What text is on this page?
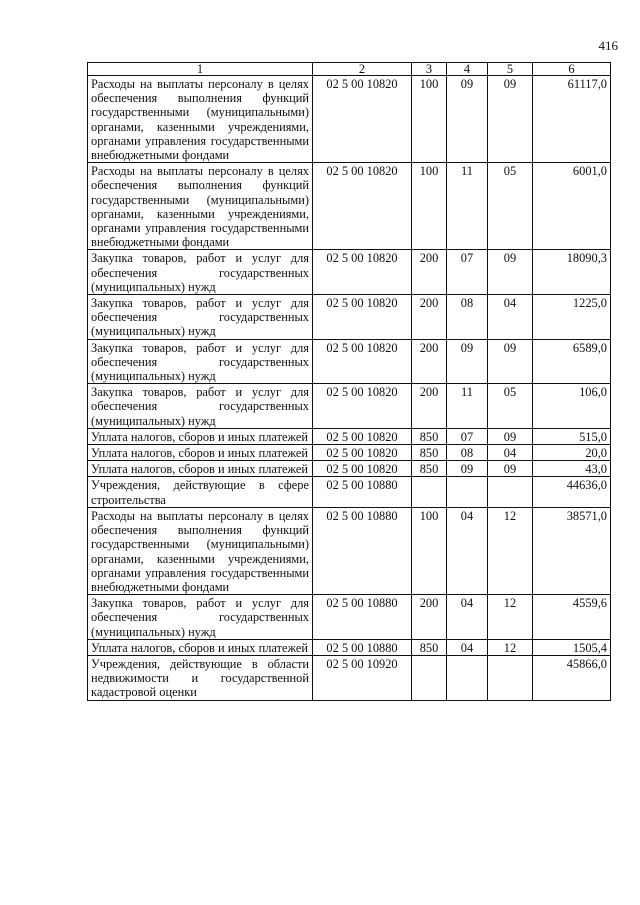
416
1	2	3	4	5	6
Расходы на выплаты персоналу в целях обеспечения выполнения функций государственными (муниципальными) органами, казенными учреждениями, органами управления государственными внебюджетными фондами	02 5 00 10820	100	09	09	61117,0
Расходы на выплаты персоналу в целях обеспечения выполнения функций государственными (муниципальными) органами, казенными учреждениями, органами управления государственными внебюджетными фондами	02 5 00 10820	100	11	05	6001,0
Закупка товаров, работ и услуг для обеспечения государственных (муниципальных) нужд	02 5 00 10820	200	07	09	18090,3
Закупка товаров, работ и услуг для обеспечения государственных (муниципальных) нужд	02 5 00 10820	200	08	04	1225,0
Закупка товаров, работ и услуг для обеспечения государственных (муниципальных) нужд	02 5 00 10820	200	09	09	6589,0
Закупка товаров, работ и услуг для обеспечения государственных (муниципальных) нужд	02 5 00 10820	200	11	05	106,0
Уплата налогов, сборов и иных платежей	02 5 00 10820	850	07	09	515,0
Уплата налогов, сборов и иных платежей	02 5 00 10820	850	08	04	20,0
Уплата налогов, сборов и иных платежей	02 5 00 10820	850	09	09	43,0
Учреждения, действующие в сфере строительства	02 5 00 10880				44636,0
Расходы на выплаты персоналу в целях обеспечения выполнения функций государственными (муниципальными) органами, казенными учреждениями, органами управления государственными внебюджетными фондами	02 5 00 10880	100	04	12	38571,0
Закупка товаров, работ и услуг для обеспечения государственных (муниципальных) нужд	02 5 00 10880	200	04	12	4559,6
Уплата налогов, сборов и иных платежей	02 5 00 10880	850	04	12	1505,4
Учреждения, действующие в области недвижимости и государственной кадастровой оценки	02 5 00 10920				45866,0
